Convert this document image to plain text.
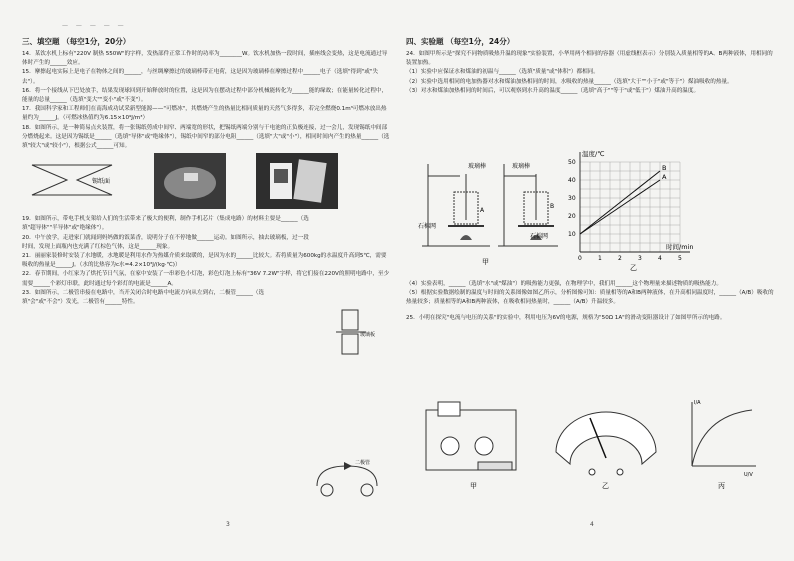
— — — — —
三、填空题 （每空1分，20分）

14．某饮水机上标有"220V 制热 550W"的字样，发热部件正常工作时的功率为________W。饮水机加热一段时间，插座线会变热，这是电流通过导体时产生的______效应。

15．摩擦起电实际上是电子在物体之间的______，与丝绸摩擦过的玻璃棒带正电荷，这是因为玻璃棒在摩擦过程中______电子（选填"得到"或"失去"）。

16．将一个接线从下巴处放手，结果发现球回到开始释放时的位置，这是因为在摆动过程中部分机械能转化为______能的缘故；在能量转化过程中，能量的总量______（选填"变大""变小"或"不变"）。

17．我国科学家和工程师们在南海成功试采新型能源——"可燃冰"，其燃烧产生的热量比相同质量的天然气多得多，若完全燃烧0.1m³可燃冰放出热量约为______J。（可燃冰热值约为6.15×10⁹J/m³）

18．如图所示，是一种简易点火装置，将一张锡纸剪成中间窄、两端宽的形状，把锡纸两端分别与干电池的正负极连接，过一会儿，发现锡纸中间部分燃烧起来。这是因为锡纸是______（选填"导体"或"绝缘体"），锡纸中间窄的部分电阻______（选填"大"或"小"），相同时间内产生的热量______（选填"较大"或"较小"），根据公式______可知。

锡纸面

19．如图所示，带电手机支架给人们的生活带来了极大的便利，制作手机芯片（集成电路）的材料主要是______（选填"超导体""半导体"或"绝缘体"）。

20．中午放学，走进家门就闻到妈妈做的饭菜香，说明分子在不停地做______运动。如图所示，抽去玻璃板，过一段时间，发现上面瓶内也充满了红棕色气体，这是______现象。

21．丽丽家装修时安装了水地暖，水地暖是利用水作为热媒介质来取暖的，是因为水的______比较大。若将质量为600kg的水温度升高到5℃，需要吸收的热量是______J。（水的比热容为c水=4.2×10³J/(kg·℃)）

22．春节期间，小红家为了烘托节日气氛，在家中安装了一串彩色小灯泡，彩色灯泡上标有"36V 7.2W"字样，将它们接在220V的照明电路中，至少需要______个彩灯串联，此时通过每个彩灯的电流是______A。

23．如图所示，二极管串接在电路中，当开关闭合时电路中电流方向从左到右，二极管______（选填"会"或"不会"）发光，二极管有______特性。

玻璃板
二极管
3
四、实验题 （每空1分，24分）

24．如图甲所示是"探究不同物质吸热升温的现象"实验装置，小华用两个相同的容器（用虚线框表示）分别装入质量相等的A、B两种液体，用相同的装置加热。

（1）实验中应保证水和煤油的初温与______（选填"质量"或"体积"）都相同。

（2）实验中选用相同的电加热器对水和煤油加热相同的时间，水吸收的热量______（选填"大于""小于"或"等于"）煤油吸收的热量。

（3）对水和煤油加热相同的时间后，可以观察到水升高的温度______（选填"高于""等于"或"低于"）煤油升高的温度。

玻璃棒	玻璃棒
石棉网
石棉网
A
B
甲	0	1	2	3	4	5
10
20
30
40
50
A
B
温度/℃
时间/min
乙

（4）实验表明，______（选填"水"或"煤油"）的吸热能力更强，在物理学中，我们用______这个物理量来描述物质的吸热能力。

（5）根据实验数据绘制的温度与时间的关系图像如图乙所示，分析图像可知：质量相等的A和B两种液体，在升高相同温度时，______（A/B）吸收的热量较多；质量相等的A和B两种液体，在吸收相同热量时，______（A/B）升温较多。

25．小明在探究"电流与电压的关系"的实验中，利用电压为6V的电源，规格为"50Ω 1A"的滑动变阻器设计了如图甲所示的电路。

甲	乙
I/A
U/V
丙
4
